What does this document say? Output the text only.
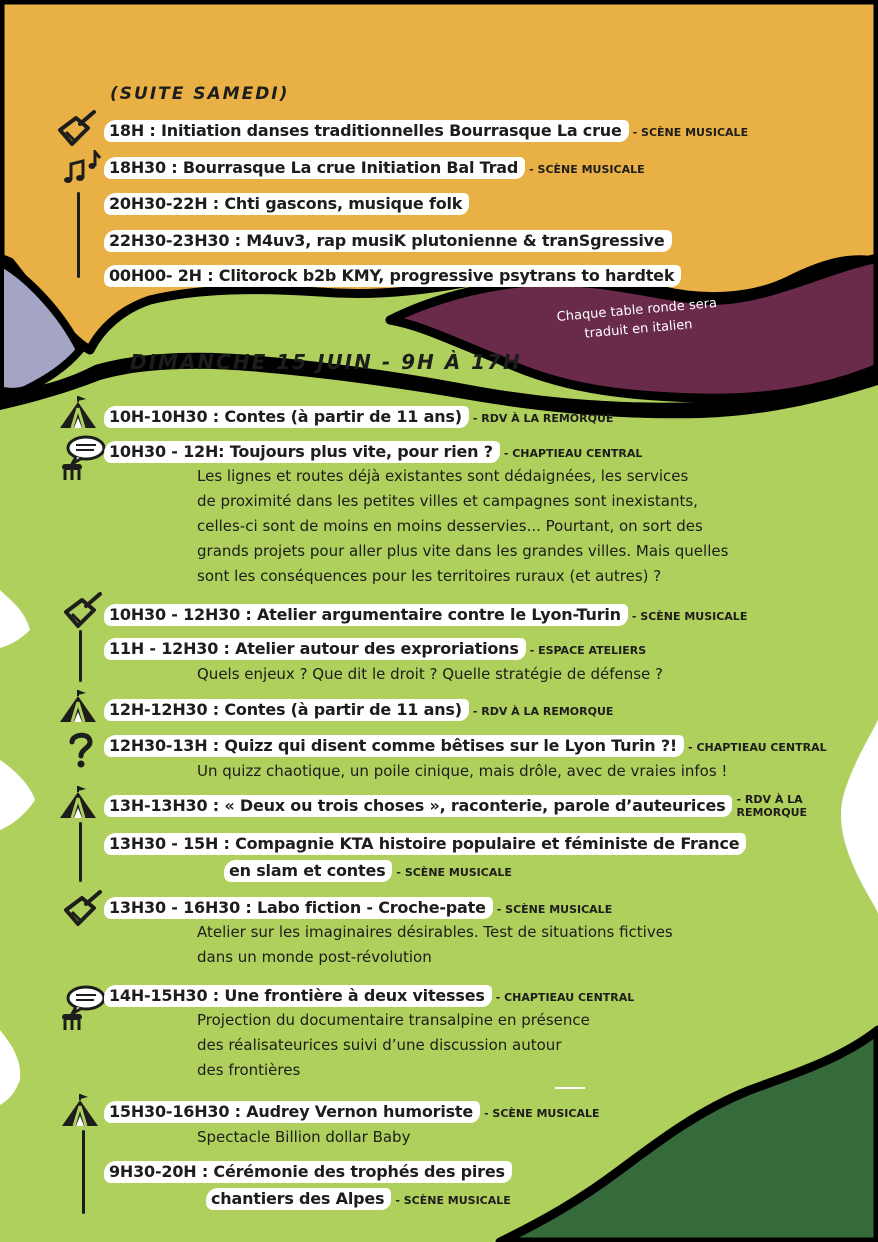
(SUITE SAMEDI)
18H : Initiation danses traditionnelles Bourrasque La crue - SCÈNE MUSICALE
18H30 : Bourrasque La crue Initiation Bal Trad - SCÈNE MUSICALE
20H30-22H : Chti gascons, musique folk
22H30-23H30 : M4uv3, rap musiK plutonienne & tranSgressive
00H00- 2H : Clitorock b2b KMY, progressive psytrans to hardtek
Chaque table ronde sera
traduit en italien
DIMANCHE 15 JUIN - 9H À 17H
10H-10H30 : Contes (à partir de 11 ans) - RDV À LA REMORQUE
10H30 - 12H: Toujours plus vite, pour rien ? - CHAPTIEAU CENTRAL
Les lignes et routes déjà existantes sont dédaignées, les services
de proximité dans les petites villes et campagnes sont inexistants,
celles-ci sont de moins en moins desservies... Pourtant, on sort des
grands projets pour aller plus vite dans les grandes villes. Mais quelles
sont les conséquences pour les territoires ruraux (et autres) ?
10H30 - 12H30 : Atelier argumentaire contre le Lyon-Turin - SCÈNE MUSICALE
11H - 12H30 : Atelier autour des exproriations - ESPACE ATELIERS
Quels enjeux ? Que dit le droit ? Quelle stratégie de défense ?
12H-12H30 : Contes (à partir de 11 ans) - RDV À LA REMORQUE
12H30-13H : Quizz qui disent comme bêtises sur le Lyon Turin ?! - CHAPTIEAU CENTRAL
Un quizz chaotique, un poile cinique, mais drôle, avec de vraies infos !
13H-13H30 : « Deux ou trois choses », raconterie, parole d’auteurices - RDV À LA
REMORQUE
13H30 - 15H : Compagnie KTA histoire populaire et féministe de France
en slam et contes - SCÈNE MUSICALE
13H30 - 16H30 : Labo fiction - Croche-pate - SCÈNE MUSICALE
Atelier sur les imaginaires désirables. Test de situations fictives
dans un monde post-révolution
14H-15H30 : Une frontière à deux vitesses - CHAPTIEAU CENTRAL
Projection du documentaire transalpine en présence
des réalisateurices suivi d’une discussion autour
des frontières
15H30-16H30 : Audrey Vernon humoriste - SCÈNE MUSICALE
Spectacle Billion dollar Baby
9H30-20H : Cérémonie des trophés des pires
chantiers des Alpes - SCÈNE MUSICALE
